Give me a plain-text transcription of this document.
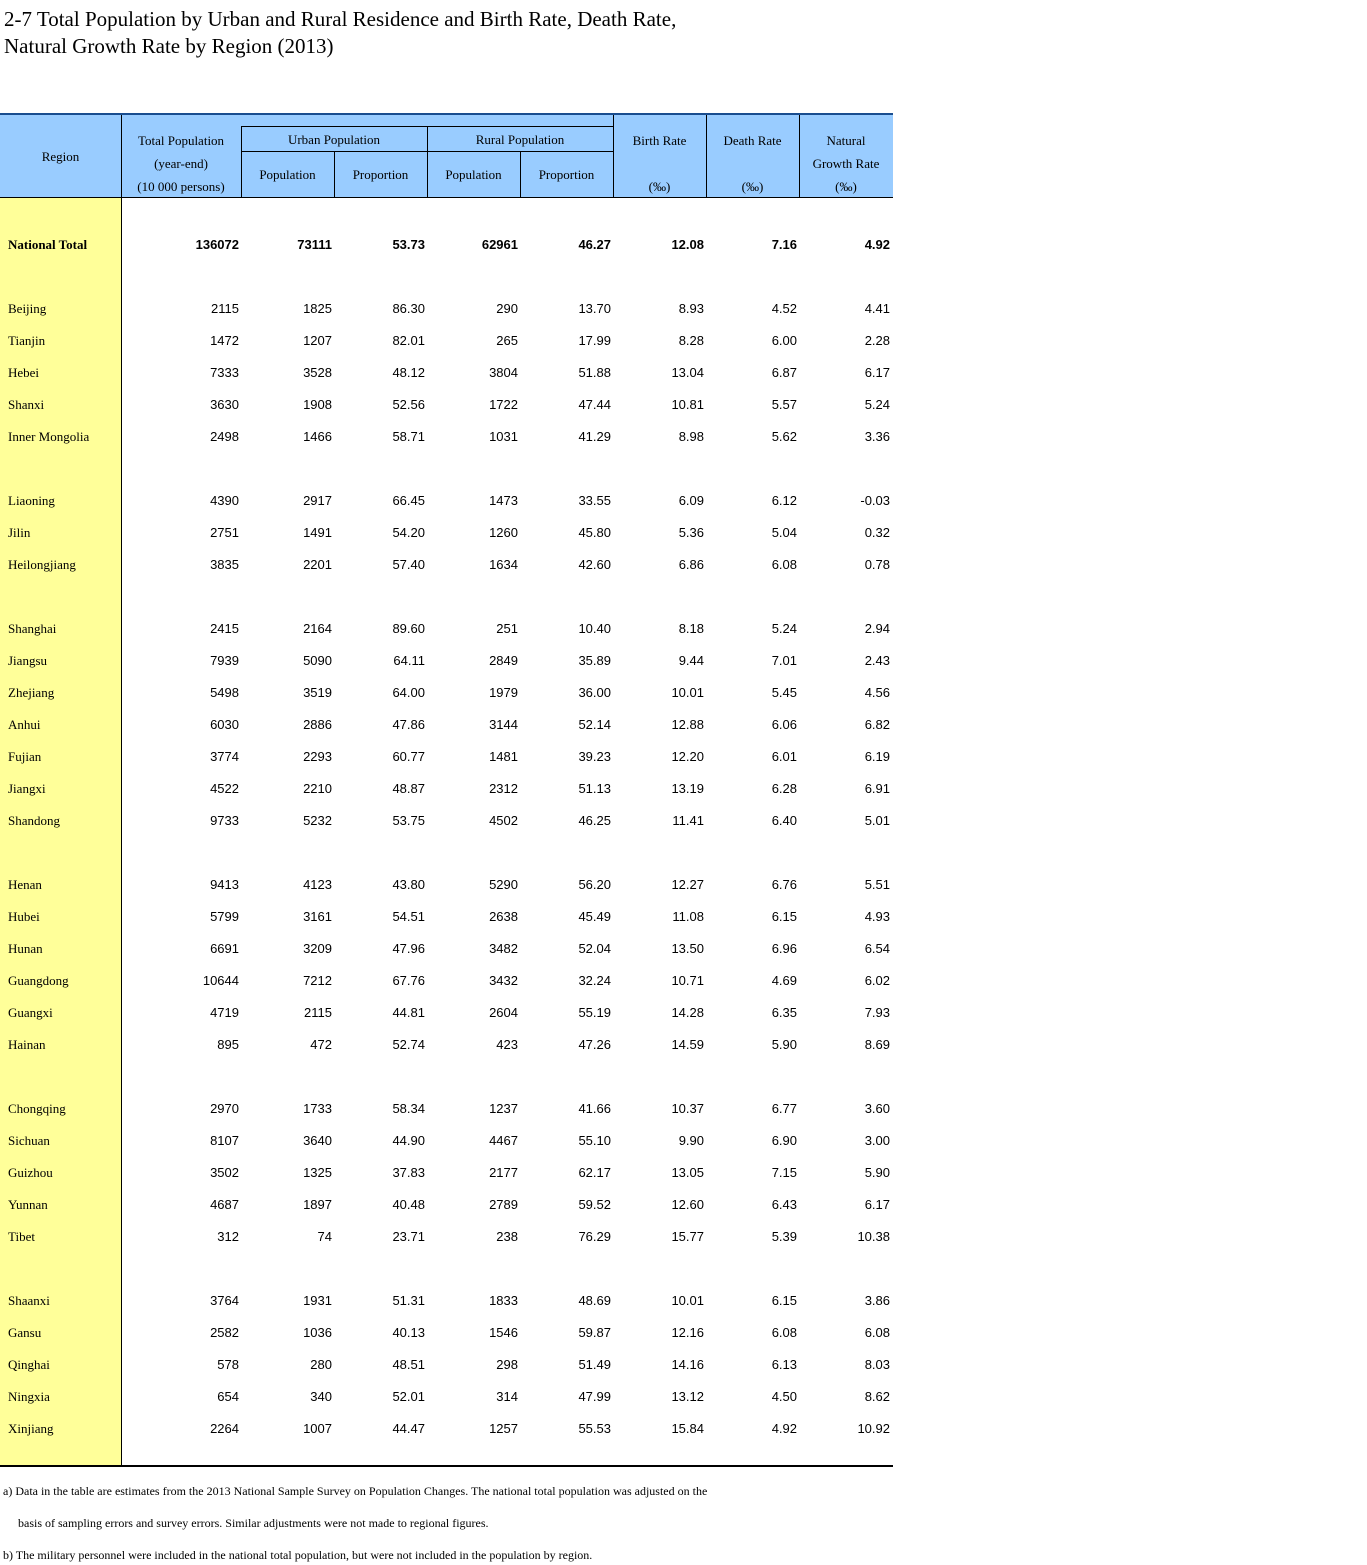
2-7 Total Population by Urban and Rural Residence and Birth Rate, Death Rate,
Natural Growth Rate by Region (2013)
Region
Total Population
(year-end)
(10 000 persons)
Urban Population	Rural Population
Population	Proportion	Population	Proportion
Birth Rate
(‰)
Death Rate
(‰)
Natural
Growth Rate
(‰)
National Total	136072	73111	53.73	62961	46.27	12.08	7.16	4.92
Beijing	2115	1825	86.30	290	13.70	8.93	4.52	4.41
Tianjin	1472	1207	82.01	265	17.99	8.28	6.00	2.28
Hebei	7333	3528	48.12	3804	51.88	13.04	6.87	6.17
Shanxi	3630	1908	52.56	1722	47.44	10.81	5.57	5.24
Inner Mongolia	2498	1466	58.71	1031	41.29	8.98	5.62	3.36
Liaoning	4390	2917	66.45	1473	33.55	6.09	6.12	-0.03
Jilin	2751	1491	54.20	1260	45.80	5.36	5.04	0.32
Heilongjiang	3835	2201	57.40	1634	42.60	6.86	6.08	0.78
Shanghai	2415	2164	89.60	251	10.40	8.18	5.24	2.94
Jiangsu	7939	5090	64.11	2849	35.89	9.44	7.01	2.43
Zhejiang	5498	3519	64.00	1979	36.00	10.01	5.45	4.56
Anhui	6030	2886	47.86	3144	52.14	12.88	6.06	6.82
Fujian	3774	2293	60.77	1481	39.23	12.20	6.01	6.19
Jiangxi	4522	2210	48.87	2312	51.13	13.19	6.28	6.91
Shandong	9733	5232	53.75	4502	46.25	11.41	6.40	5.01
Henan	9413	4123	43.80	5290	56.20	12.27	6.76	5.51
Hubei	5799	3161	54.51	2638	45.49	11.08	6.15	4.93
Hunan	6691	3209	47.96	3482	52.04	13.50	6.96	6.54
Guangdong	10644	7212	67.76	3432	32.24	10.71	4.69	6.02
Guangxi	4719	2115	44.81	2604	55.19	14.28	6.35	7.93
Hainan	895	472	52.74	423	47.26	14.59	5.90	8.69
Chongqing	2970	1733	58.34	1237	41.66	10.37	6.77	3.60
Sichuan	8107	3640	44.90	4467	55.10	9.90	6.90	3.00
Guizhou	3502	1325	37.83	2177	62.17	13.05	7.15	5.90
Yunnan	4687	1897	40.48	2789	59.52	12.60	6.43	6.17
Tibet	312	74	23.71	238	76.29	15.77	5.39	10.38
Shaanxi	3764	1931	51.31	1833	48.69	10.01	6.15	3.86
Gansu	2582	1036	40.13	1546	59.87	12.16	6.08	6.08
Qinghai	578	280	48.51	298	51.49	14.16	6.13	8.03
Ningxia	654	340	52.01	314	47.99	13.12	4.50	8.62
Xinjiang	2264	1007	44.47	1257	55.53	15.84	4.92	10.92
a) Data in the table are estimates from the 2013 National Sample Survey on Population Changes. The national total population was adjusted on the
basis of sampling errors and survey errors. Similar adjustments were not made to regional figures.
b) The military personnel were included in the national total population, but were not included in the population by region.
